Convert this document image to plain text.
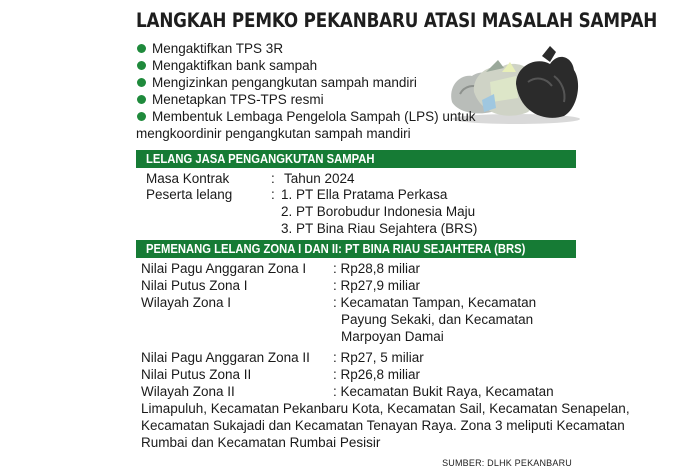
LANGKAH PEMKO PEKANBARU ATASI MASALAH SAMPAH
Mengaktifkan TPS 3R
Mengaktifkan bank sampah
Mengizinkan pengangkutan sampah mandiri
Menetapkan TPS-TPS resmi
Membentuk Lembaga Pengelola Sampah (LPS) untuk
mengkoordinir pengangkutan sampah mandiri
LELANG JASA PENGANGKUTAN SAMPAH
Masa Kontrak	: Tahun 2024
Peserta lelang	: 1. PT Ella Pratama Perkasa
2. PT Borobudur Indonesia Maju
3. PT Bina Riau Sejahtera (BRS)
PEMENANG LELANG ZONA I DAN II: PT BINA RIAU SEJAHTERA (BRS)
Nilai Pagu Anggaran Zona I : Rp28,8 miliar
Nilai Putus Zona I	: Rp27,9 miliar
Wilayah Zona I	: Kecamatan Tampan, Kecamatan
Payung Sekaki, dan Kecamatan
Marpoyan Damai
Nilai Pagu Anggaran Zona II : Rp27, 5 miliar
Nilai Putus Zona II	: Rp26,8 miliar
Wilayah Zona II	: Kecamatan Bukit Raya, Kecamatan
Limapuluh, Kecamatan Pekanbaru Kota, Kecamatan Sail, Kecamatan Senapelan,
Kecamatan Sukajadi dan Kecamatan Tenayan Raya. Zona 3 meliputi Kecamatan
Rumbai dan Kecamatan Rumbai Pesisir
SUMBER: DLHK PEKANBARU
